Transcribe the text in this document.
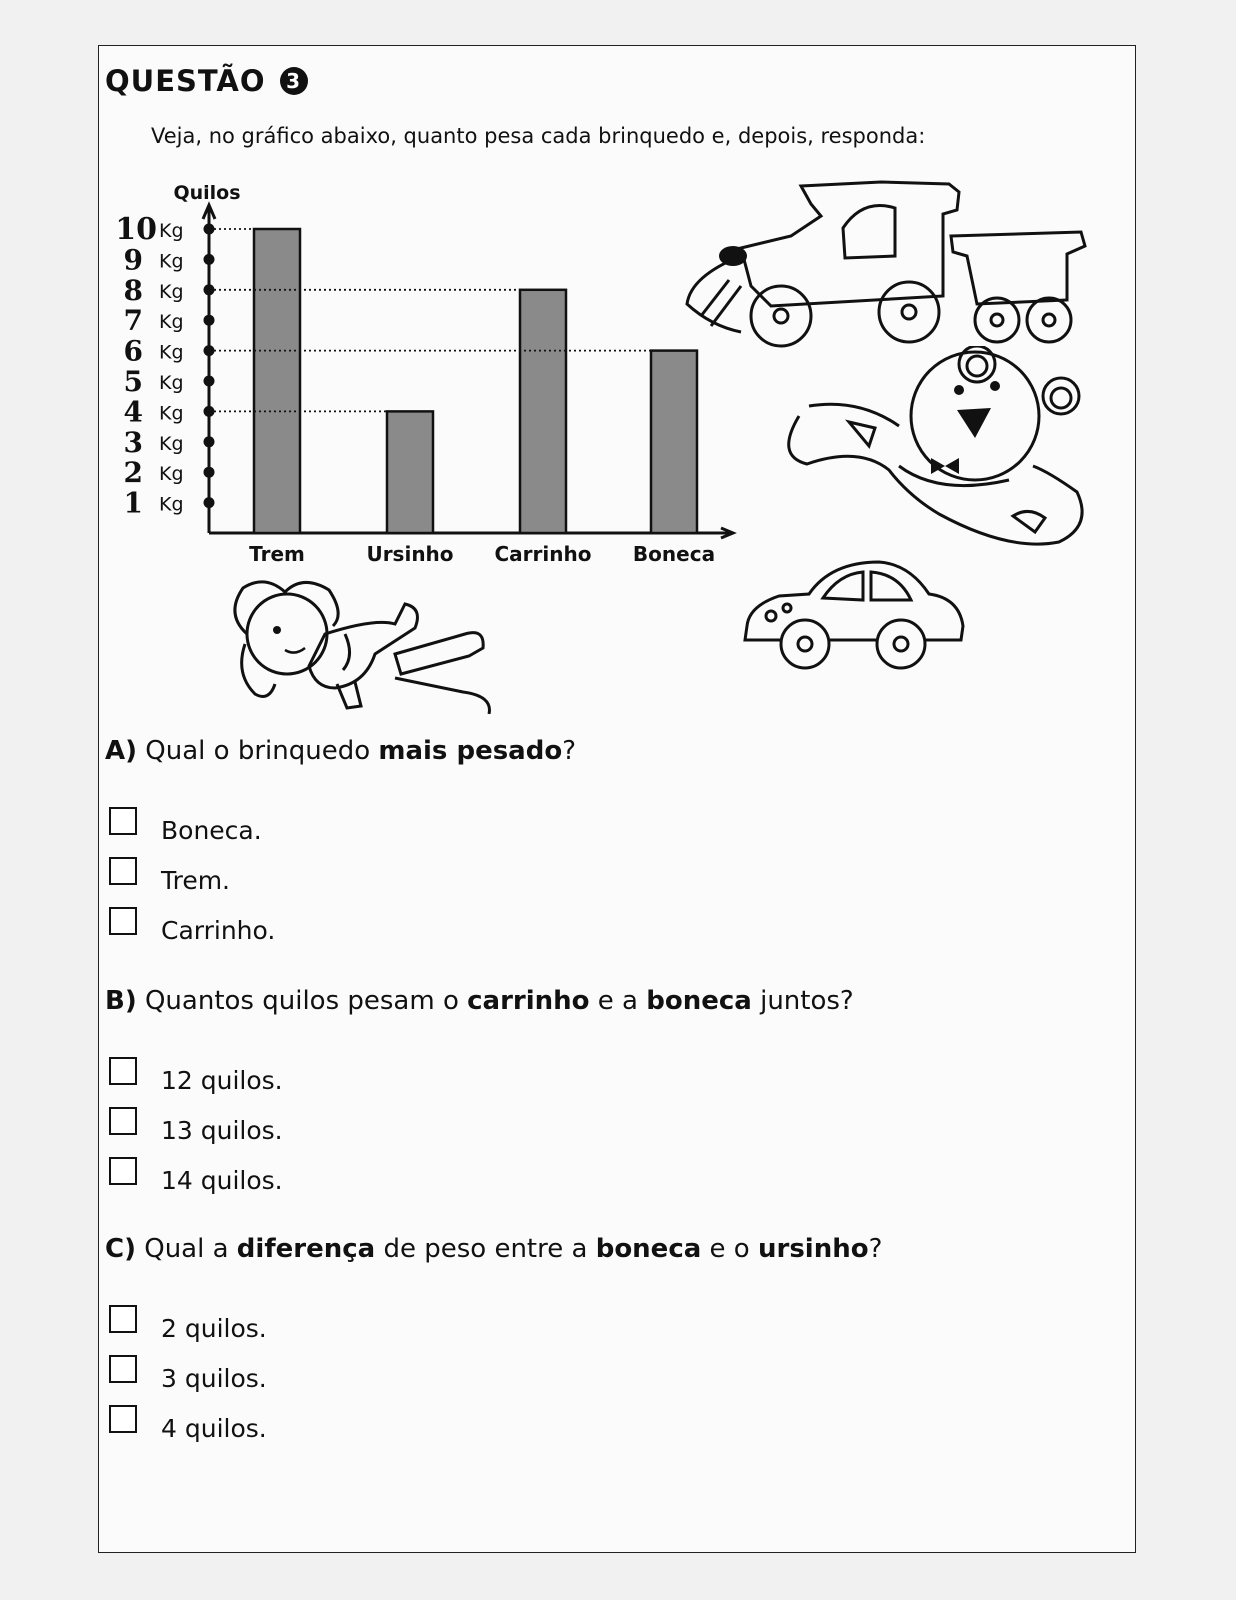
QUESTÃO	3
Veja, no gráfico abaixo, quanto pesa cada brinquedo e, depois, responda:
Quilos
1 Kg
2 Kg
3 Kg
4 Kg
5 Kg
6 Kg
7 Kg
8 Kg
9 Kg
10 Kg
Trem	Ursinho Carrinho Boneca
A) Qual o brinquedo mais pesado?
Boneca.
Trem.
Carrinho.
B) Quantos quilos pesam o carrinho e a boneca juntos?
12 quilos.
13 quilos.
14 quilos.
C) Qual a diferença de peso entre a boneca e o ursinho?
2 quilos.
3 quilos.
4 quilos.
